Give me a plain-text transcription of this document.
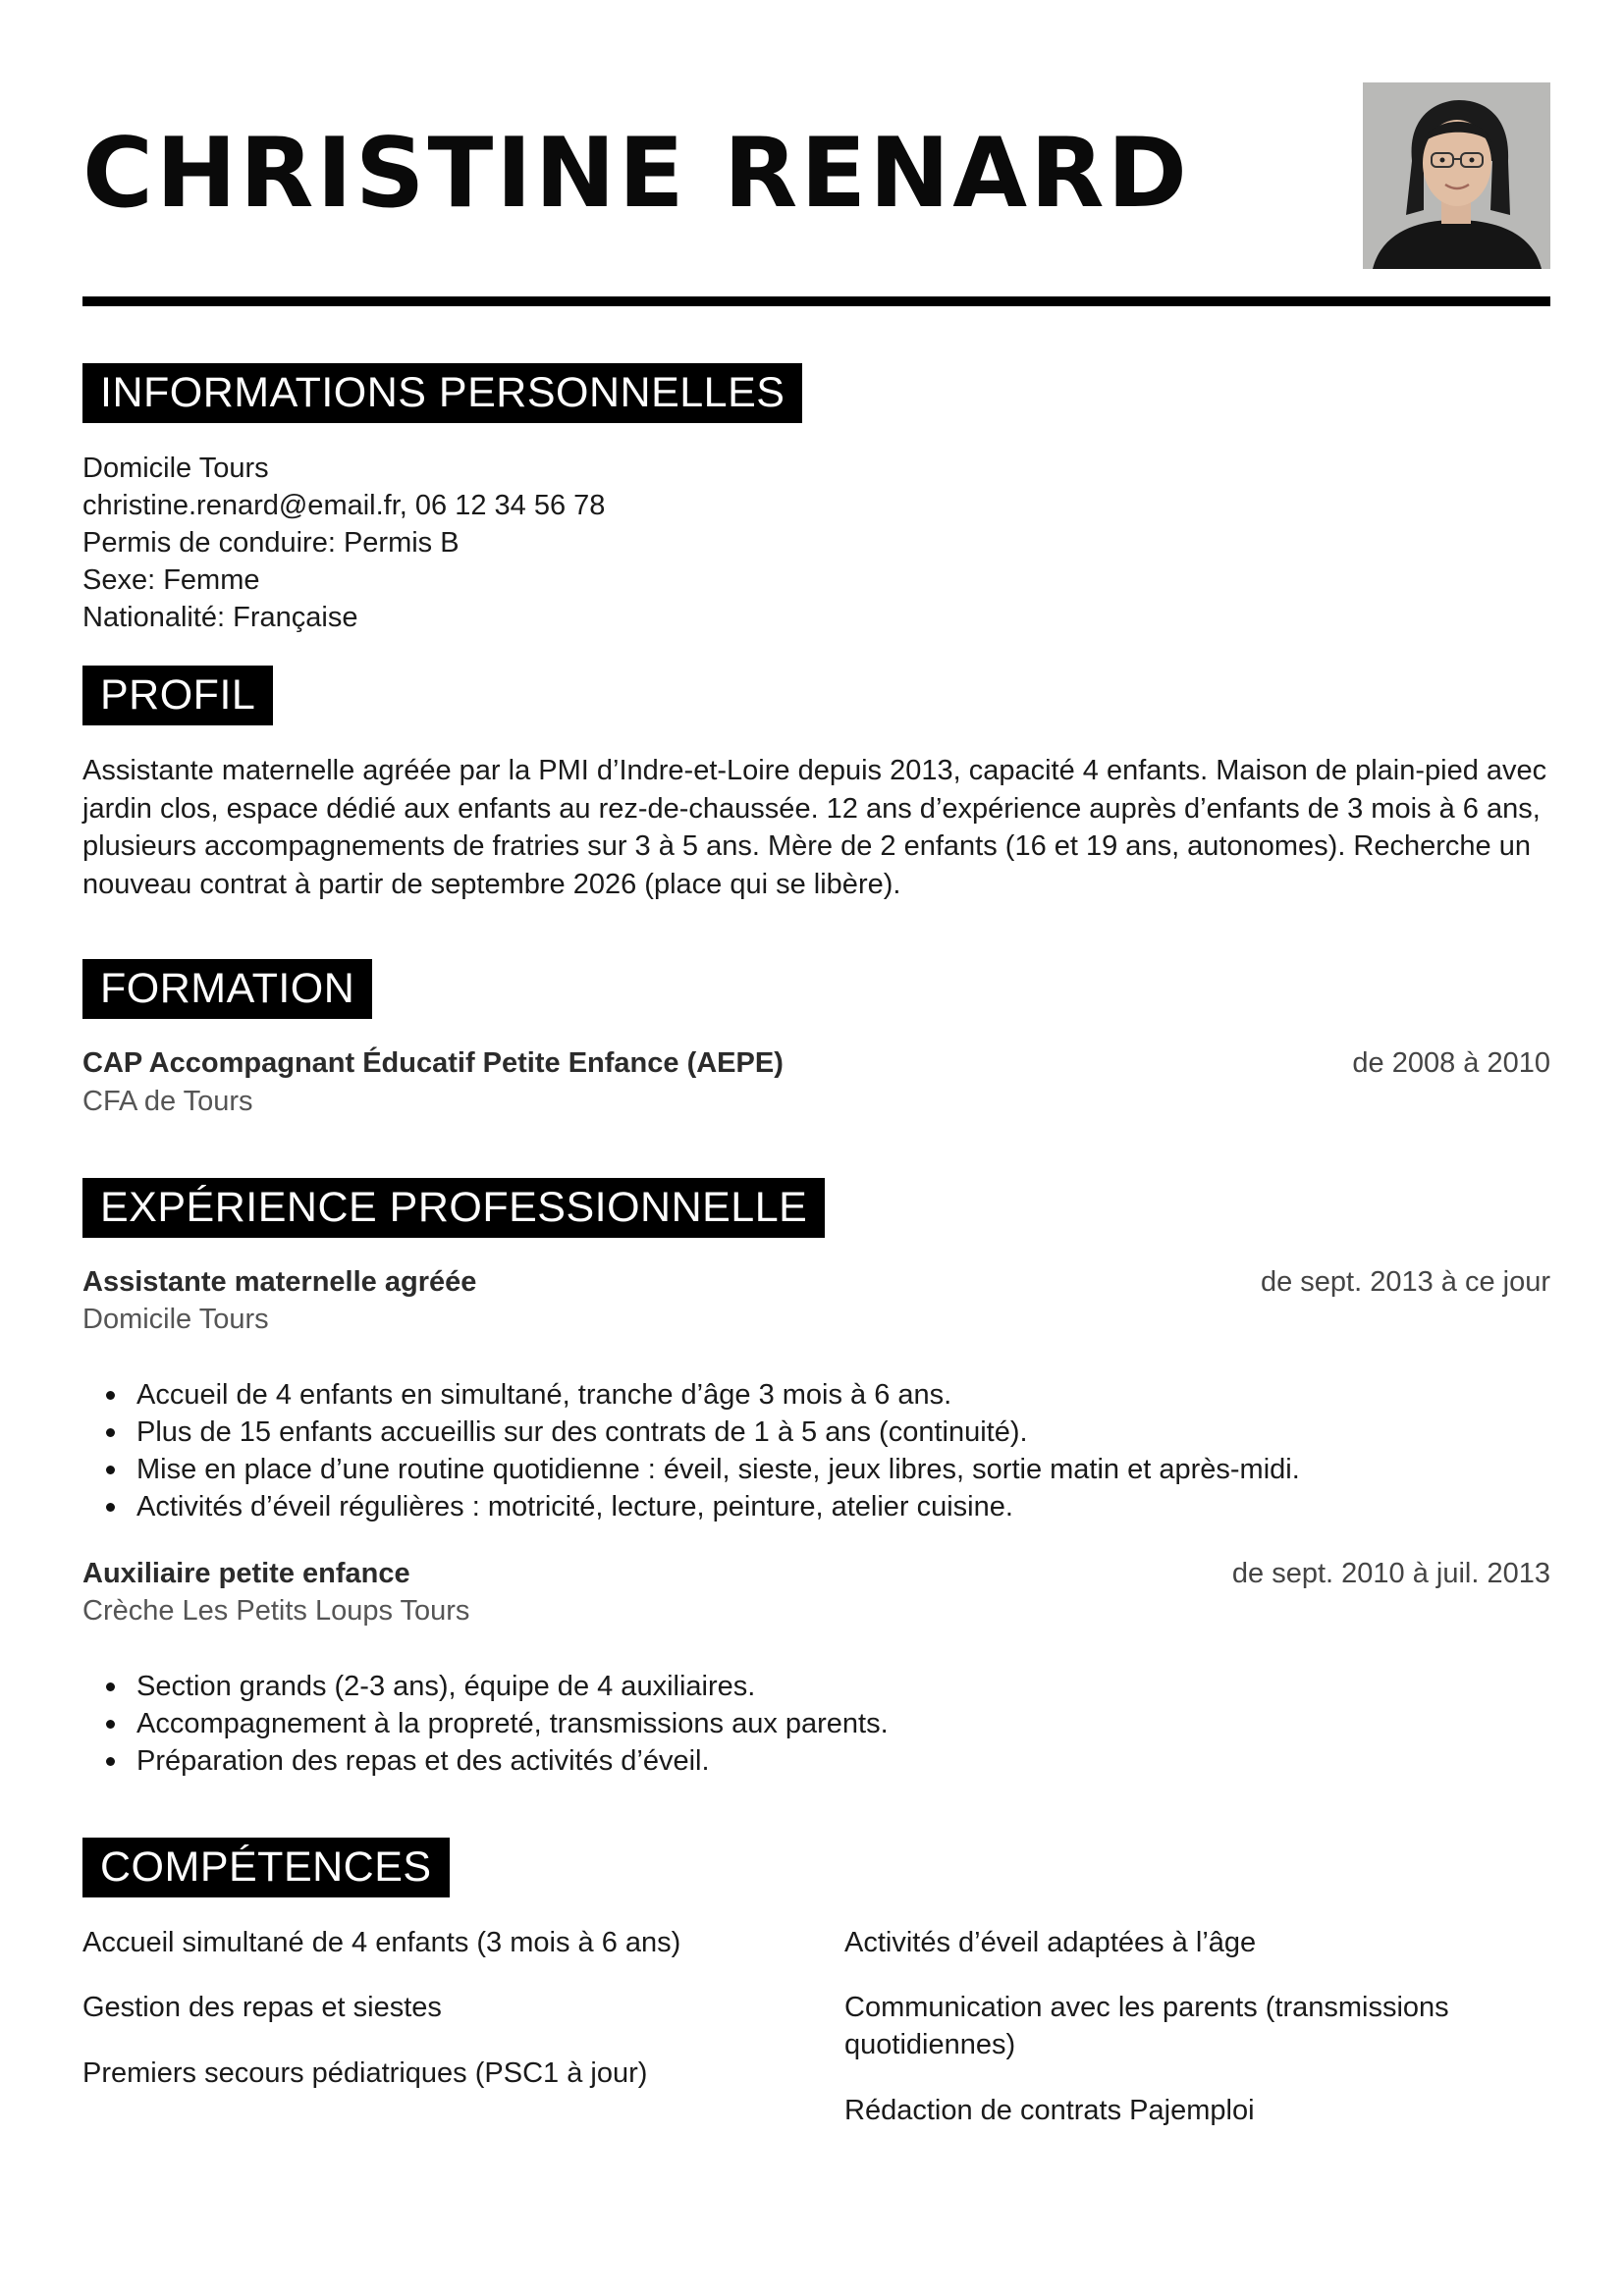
CHRISTINE RENARD
INFORMATIONS PERSONNELLES
Domicile Tours
christine.renard@email.fr, 06 12 34 56 78
Permis de conduire: Permis B
Sexe: Femme
Nationalité: Française
PROFIL

Assistante maternelle agréée par la PMI d’Indre-et-Loire depuis 2013, capacité 4 enfants. Maison de plain-pied avec jardin clos, espace dédié aux enfants au rez-de-chaussée. 12 ans d’expérience auprès d’enfants de 3 mois à 6 ans, plusieurs accompagnements de fratries sur 3 à 5 ans. Mère de 2 enfants (16 et 19 ans, autonomes). Recherche un nouveau contrat à partir de septembre 2026 (place qui se libère).

FORMATION
CAP Accompagnant Éducatif Petite Enfance (AEPE)	de 2008 à 2010
CFA de Tours
EXPÉRIENCE PROFESSIONNELLE
Assistante maternelle agréée	de sept. 2013 à ce jour
Domicile Tours
Accueil de 4 enfants en simultané, tranche d’âge 3 mois à 6 ans.
Plus de 15 enfants accueillis sur des contrats de 1 à 5 ans (continuité).
Mise en place d’une routine quotidienne : éveil, sieste, jeux libres, sortie matin et après-midi.
Activités d’éveil régulières : motricité, lecture, peinture, atelier cuisine.
Auxiliaire petite enfance	de sept. 2010 à juil. 2013
Crèche Les Petits Loups Tours
Section grands (2-3 ans), équipe de 4 auxiliaires.
Accompagnement à la propreté, transmissions aux parents.
Préparation des repas et des activités d’éveil.
COMPÉTENCES
Accueil simultané de 4 enfants (3 mois à 6 ans)
Gestion des repas et siestes
Premiers secours pédiatriques (PSC1 à jour)
Activités d’éveil adaptées à l’âge
Communication avec les parents (transmissions quotidiennes)
Rédaction de contrats Pajemploi
